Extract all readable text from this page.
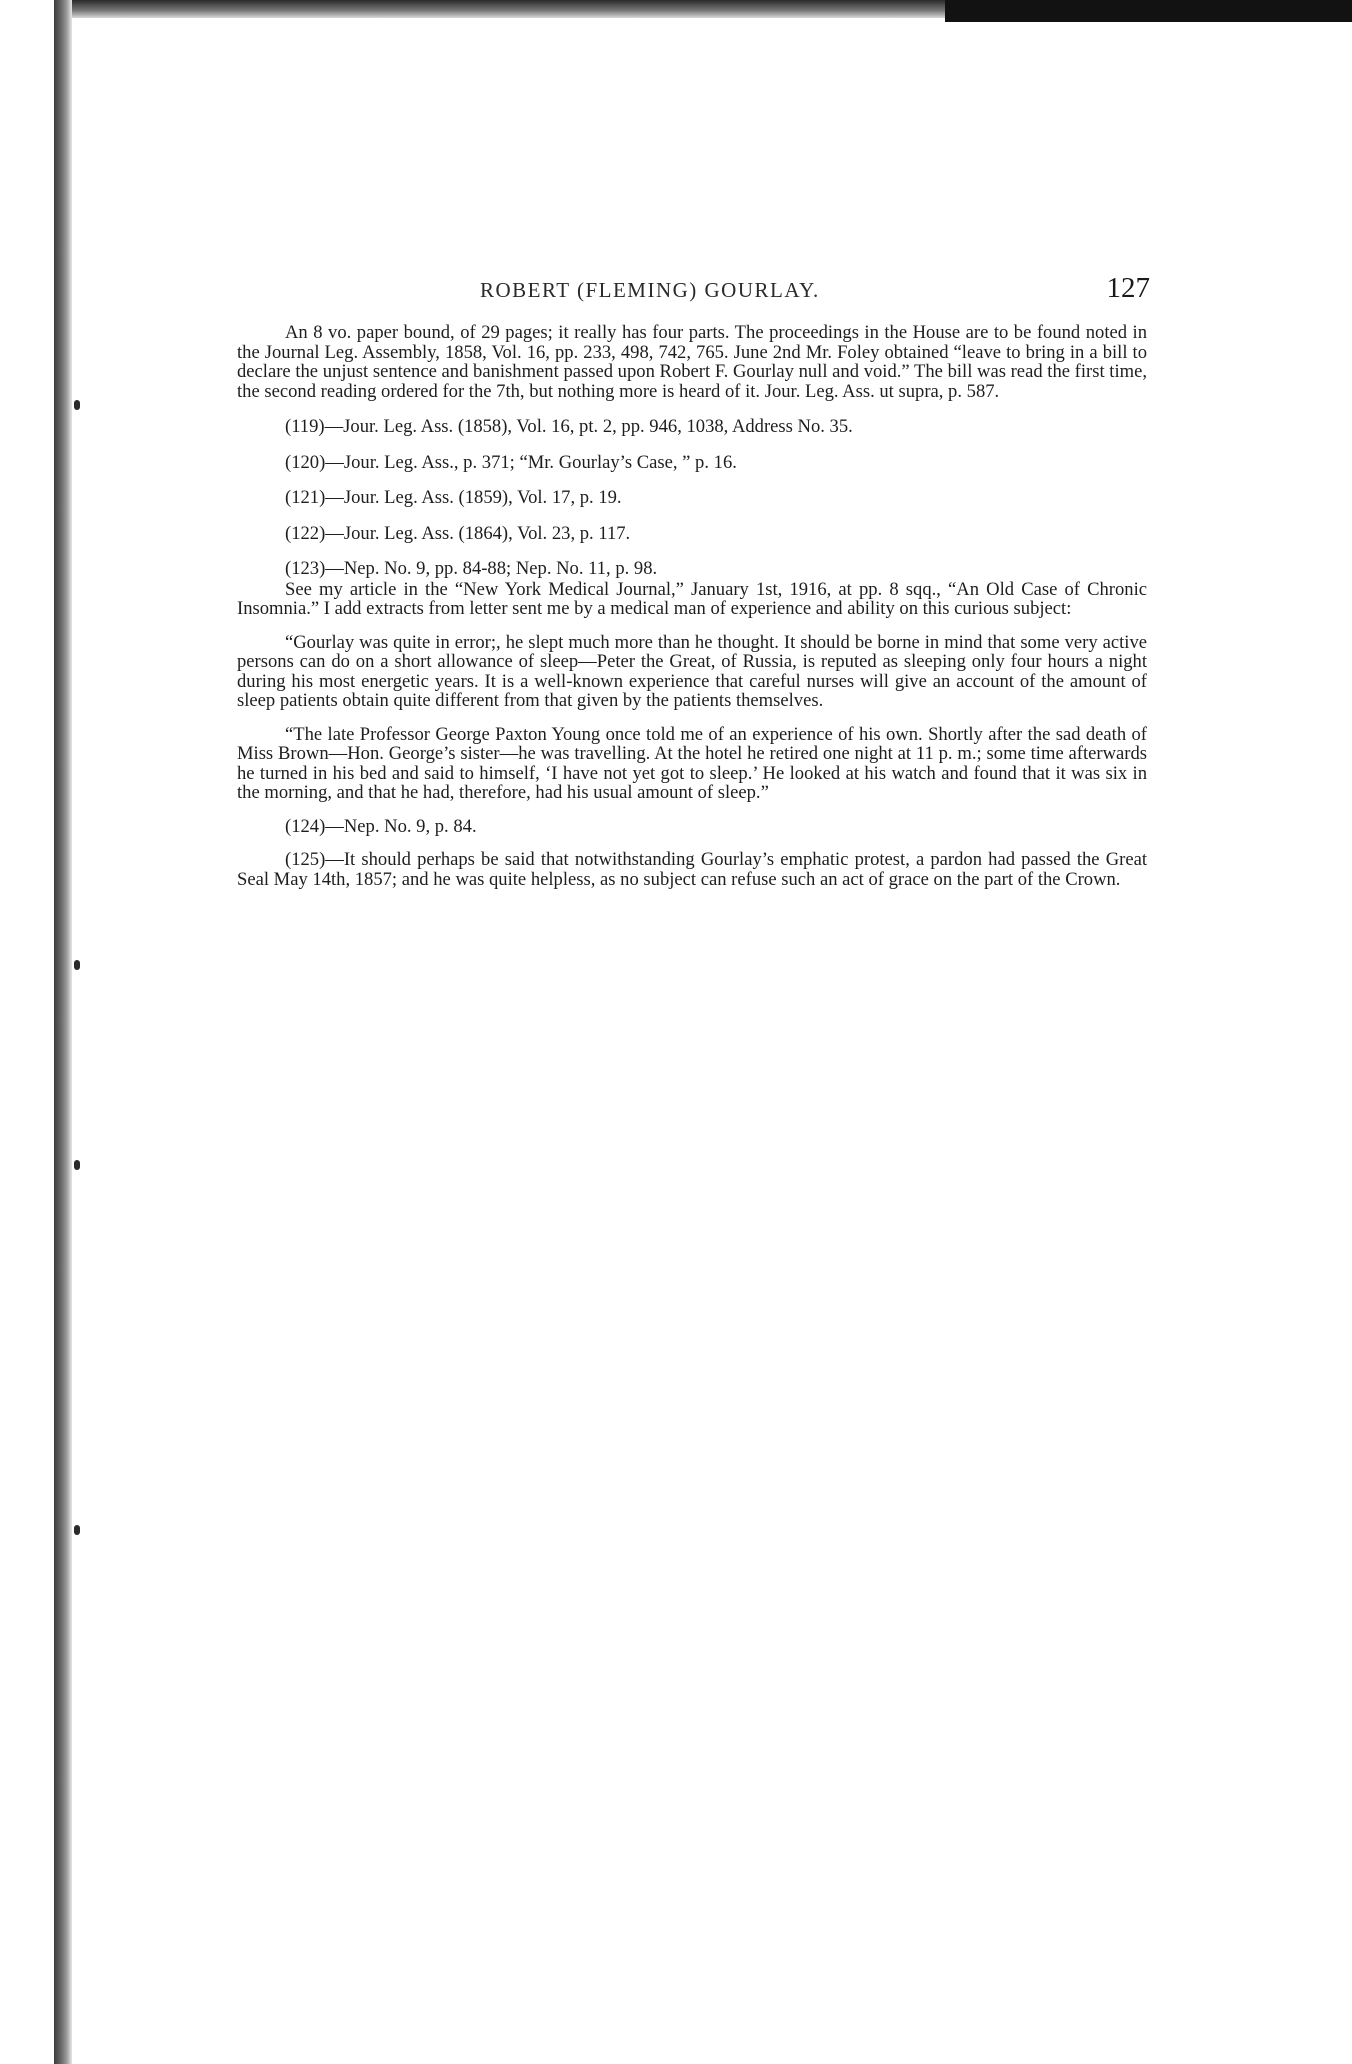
ROBERT (FLEMING) GOURLAY.	127

An 8 vo. paper bound, of 29 pages; it really has four parts. The proceedings in the House are to be found noted in the Journal Leg. Assembly, 1858, Vol. 16, pp. 233, 498, 742, 765. June 2nd Mr. Foley obtained “leave to bring in a bill to declare the unjust sentence and banishment passed upon Robert F. Gourlay null and void.” The bill was read the first time, the second reading ordered for the 7th, but nothing more is heard of it. Jour. Leg. Ass. ut supra, p. 587.

(119)—Jour. Leg. Ass. (1858), Vol. 16, pt. 2, pp. 946, 1038, Address No. 35.

(120)—Jour. Leg. Ass., p. 371; “Mr. Gourlay’s Case, ” p. 16.

(121)—Jour. Leg. Ass. (1859), Vol. 17, p. 19.

(122)—Jour. Leg. Ass. (1864), Vol. 23, p. 117.

(123)—Nep. No. 9, pp. 84-88; Nep. No. 11, p. 98.

See my article in the “New York Medical Journal,” January 1st, 1916, at pp. 8 sqq., “An Old Case of Chronic Insomnia.” I add extracts from letter sent me by a medical man of experience and ability on this curious subject:

“Gourlay was quite in error;, he slept much more than he thought. It should be borne in mind that some very active persons can do on a short allowance of sleep—Peter the Great, of Russia, is reputed as sleeping only four hours a night during his most energetic years. It is a well-known experience that careful nurses will give an account of the amount of sleep patients obtain quite different from that given by the patients themselves.

“The late Professor George Paxton Young once told me of an experience of his own. Shortly after the sad death of Miss Brown—Hon. George’s sister—he was travelling. At the hotel he retired one night at 11 p. m.; some time afterwards he turned in his bed and said to himself, ‘I have not yet got to sleep.’ He looked at his watch and found that it was six in the morning, and that he had, therefore, had his usual amount of sleep.”

(124)—Nep. No. 9, p. 84.

(125)—It should perhaps be said that notwithstanding Gourlay’s emphatic protest, a pardon had passed the Great Seal May 14th, 1857; and he was quite helpless, as no subject can refuse such an act of grace on the part of the Crown.
